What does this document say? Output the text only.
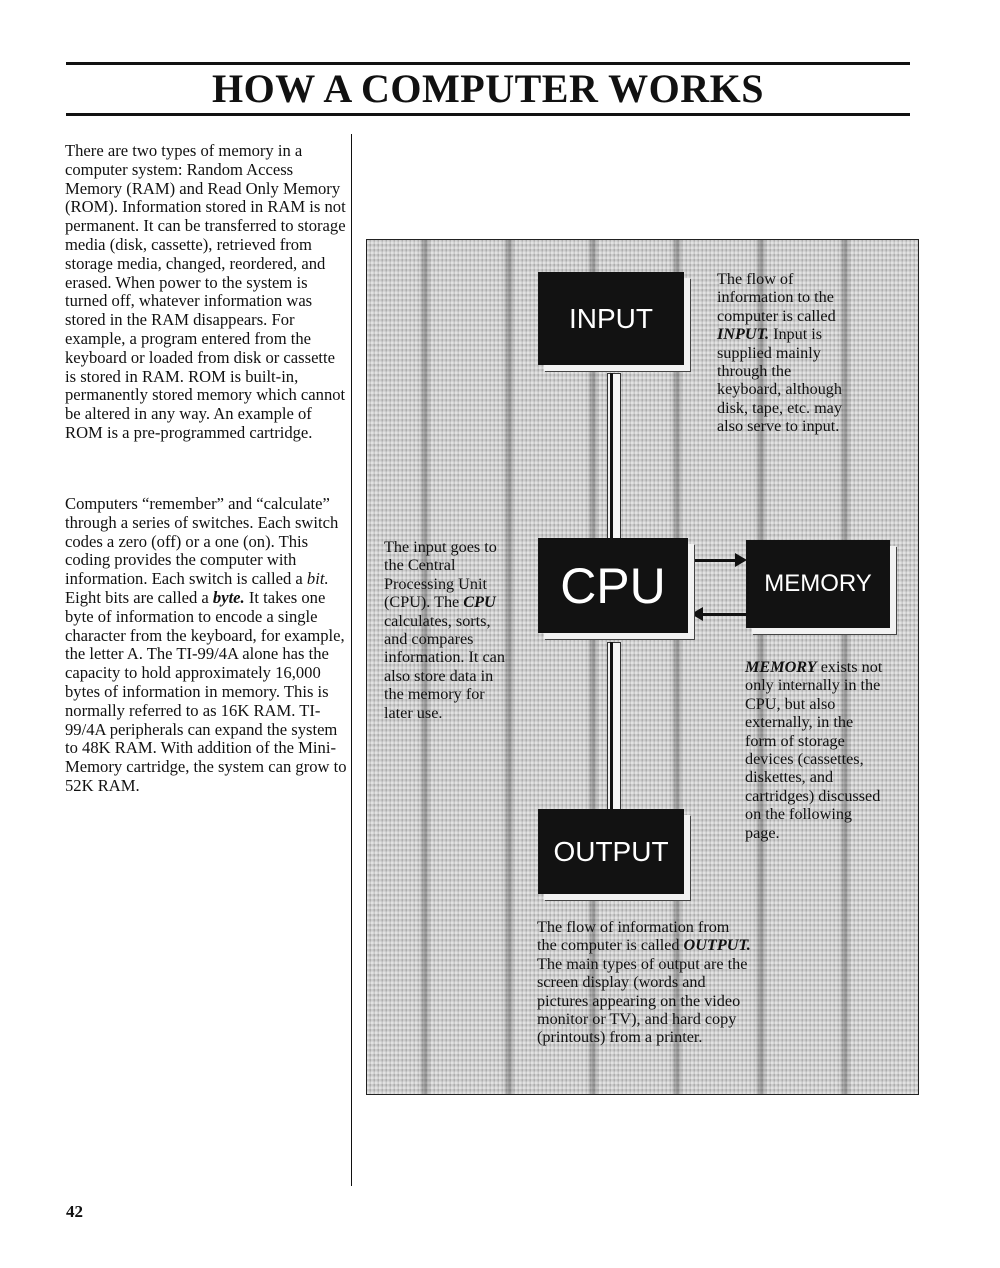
HOW A COMPUTER WORKS

There are two types of memory in a computer system: Random Access Memory (RAM) and Read Only Memory (ROM). Information stored in RAM is not permanent. It can be transferred to storage media (disk, cassette), retrieved from storage media, changed, reordered, and erased. When power to the system is turned off, whatever information was stored in the RAM disappears. For example, a program entered from the keyboard or loaded from disk or cassette is stored in RAM. ROM is built-in, permanently stored memory which cannot be altered in any way. An example of ROM is a pre-programmed cartridge.

Computers “remember” and “calculate” through a series of switches. Each switch codes a zero (off) or a one (on). This coding provides the computer with information. Each switch is called a bit. Eight bits are called a byte. It takes one byte of information to encode a single character from the keyboard, for example, the letter A. The TI-99/4A alone has the capacity to hold approximately 16,000 bytes of information in memory. This is normally referred to as 16K RAM. TI-99/4A peripherals can expand the system to 48K RAM. With addition of the Mini-Memory cartridge, the system can grow to 52K RAM.

INPUT
CPU	MEMORY
OUTPUT
The flow of information to the computer is called INPUT. Input is supplied mainly through the keyboard, although disk, tape, etc. may also serve to input.
The input goes to the Central Processing Unit (CPU). The CPU calculates, sorts, and compares information. It can also store data in the memory for later use.
MEMORY exists not only internally in the CPU, but also externally, in the form of storage devices (cassettes, diskettes, and cartridges) discussed on the following page.
The flow of information from the computer is called OUTPUT. The main types of output are the screen display (words and pictures appearing on the video monitor or TV), and hard copy (printouts) from a printer.
42
